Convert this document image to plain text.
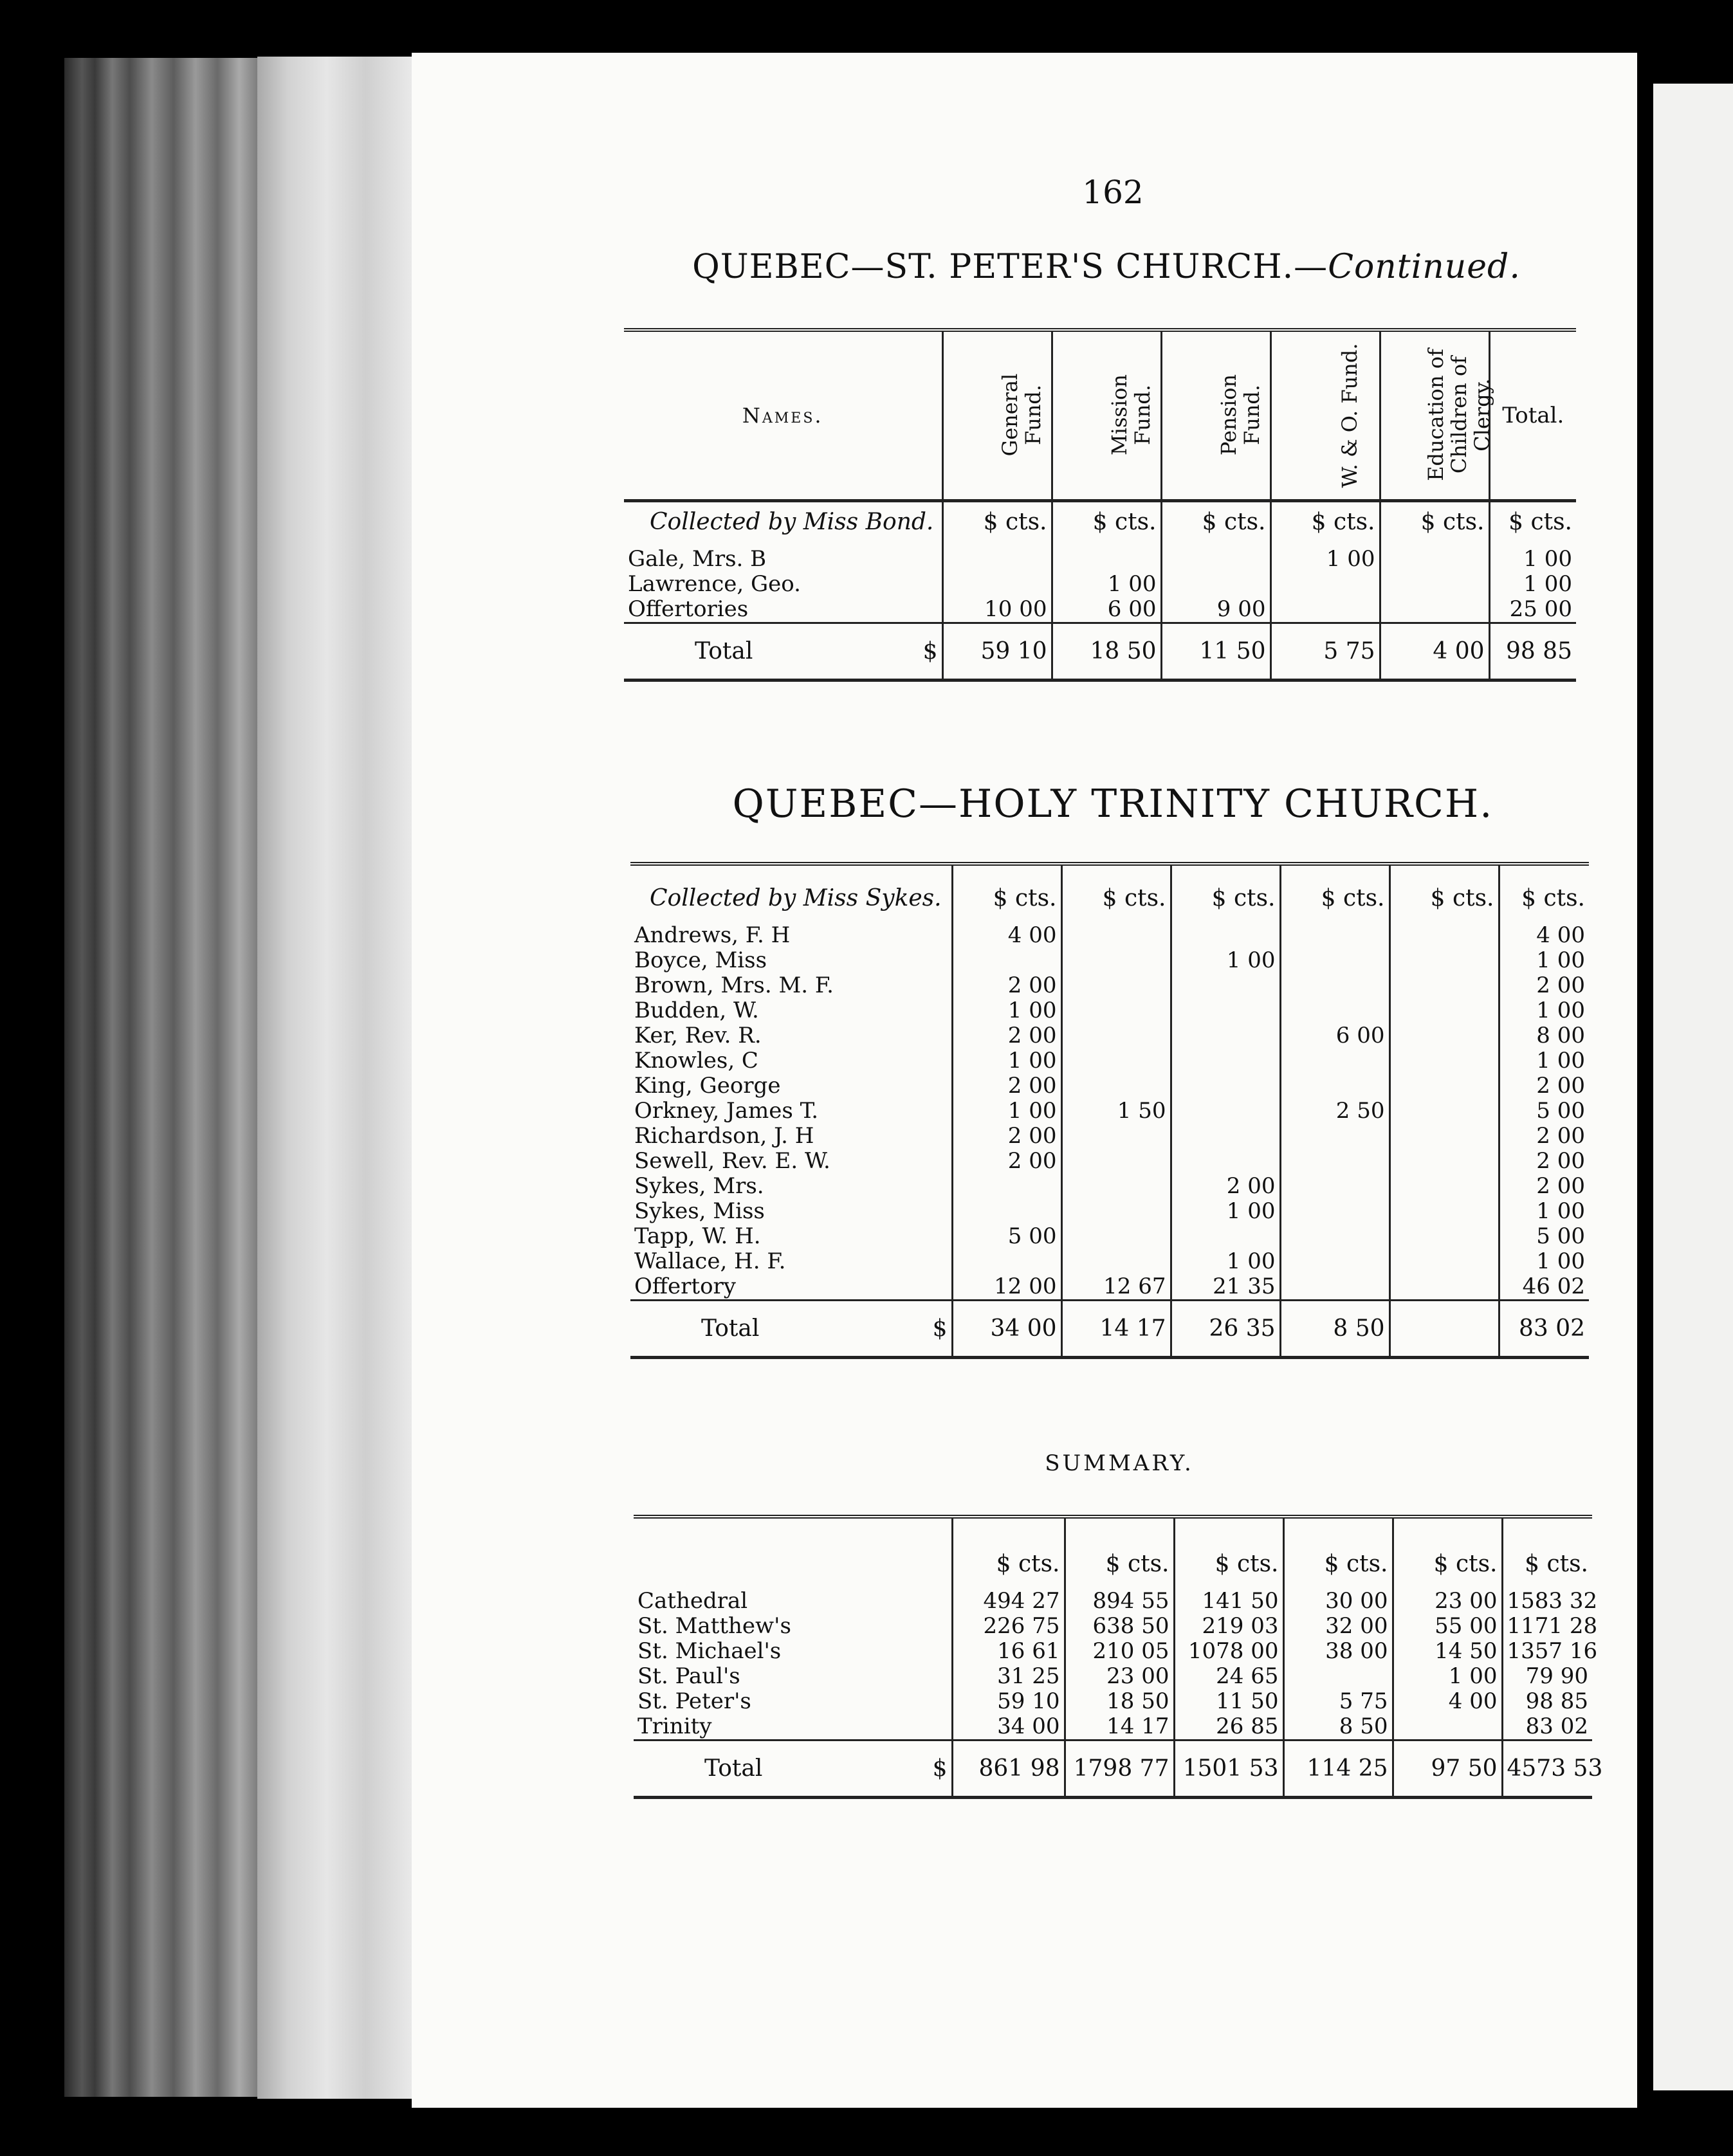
162
QUEBEC—ST. PETER'S CHURCH.—Continued.
Names.	General Fund.	Mission Fund.	Pension Fund.	W. & O. Fund.	Education of Children of Clergy.	Total.
Collected by Miss Bond.	$ cts.	$ cts.	$ cts.	$ cts.	$ cts.	$ cts.
Gale, Mrs. B				1 00		1 00
Lawrence, Geo.		1 00				1 00
Offertories	10 00	6 00	9 00			25 00
Total $	59 10	18 50	11 50	5 75	4 00	98 85
QUEBEC—HOLY TRINITY CHURCH.
Collected by Miss Sykes.	$ cts.	$ cts.	$ cts.	$ cts.	$ cts.	$ cts.
Andrews, F. H	4 00					4 00
Boyce, Miss			1 00			1 00
Brown, Mrs. M. F.	2 00					2 00
Budden, W.	1 00					1 00
Ker, Rev. R.	2 00			6 00		8 00
Knowles, C	1 00					1 00
King, George	2 00					2 00
Orkney, James T.	1 00	1 50		2 50		5 00
Richardson, J. H	2 00					2 00
Sewell, Rev. E. W.	2 00					2 00
Sykes, Mrs.			2 00			2 00
Sykes, Miss			1 00			1 00
Tapp, W. H.	5 00					5 00
Wallace, H. F.			1 00			1 00
Offertory	12 00	12 67	21 35			46 02
Total $	34 00	14 17	26 35	8 50		83 02
SUMMARY.
	$ cts.	$ cts.	$ cts.	$ cts.	$ cts.	$ cts.
Cathedral	494 27	894 55	141 50	30 00	23 00	1583 32
St. Matthew's	226 75	638 50	219 03	32 00	55 00	1171 28
St. Michael's	16 61	210 05	1078 00	38 00	14 50	1357 16
St. Paul's	31 25	23 00	24 65		1 00	79 90
St. Peter's	59 10	18 50	11 50	5 75	4 00	98 85
Trinity	34 00	14 17	26 85	8 50		83 02
Total $	861 98	1798 77	1501 53	114 25	97 50	4573 53
